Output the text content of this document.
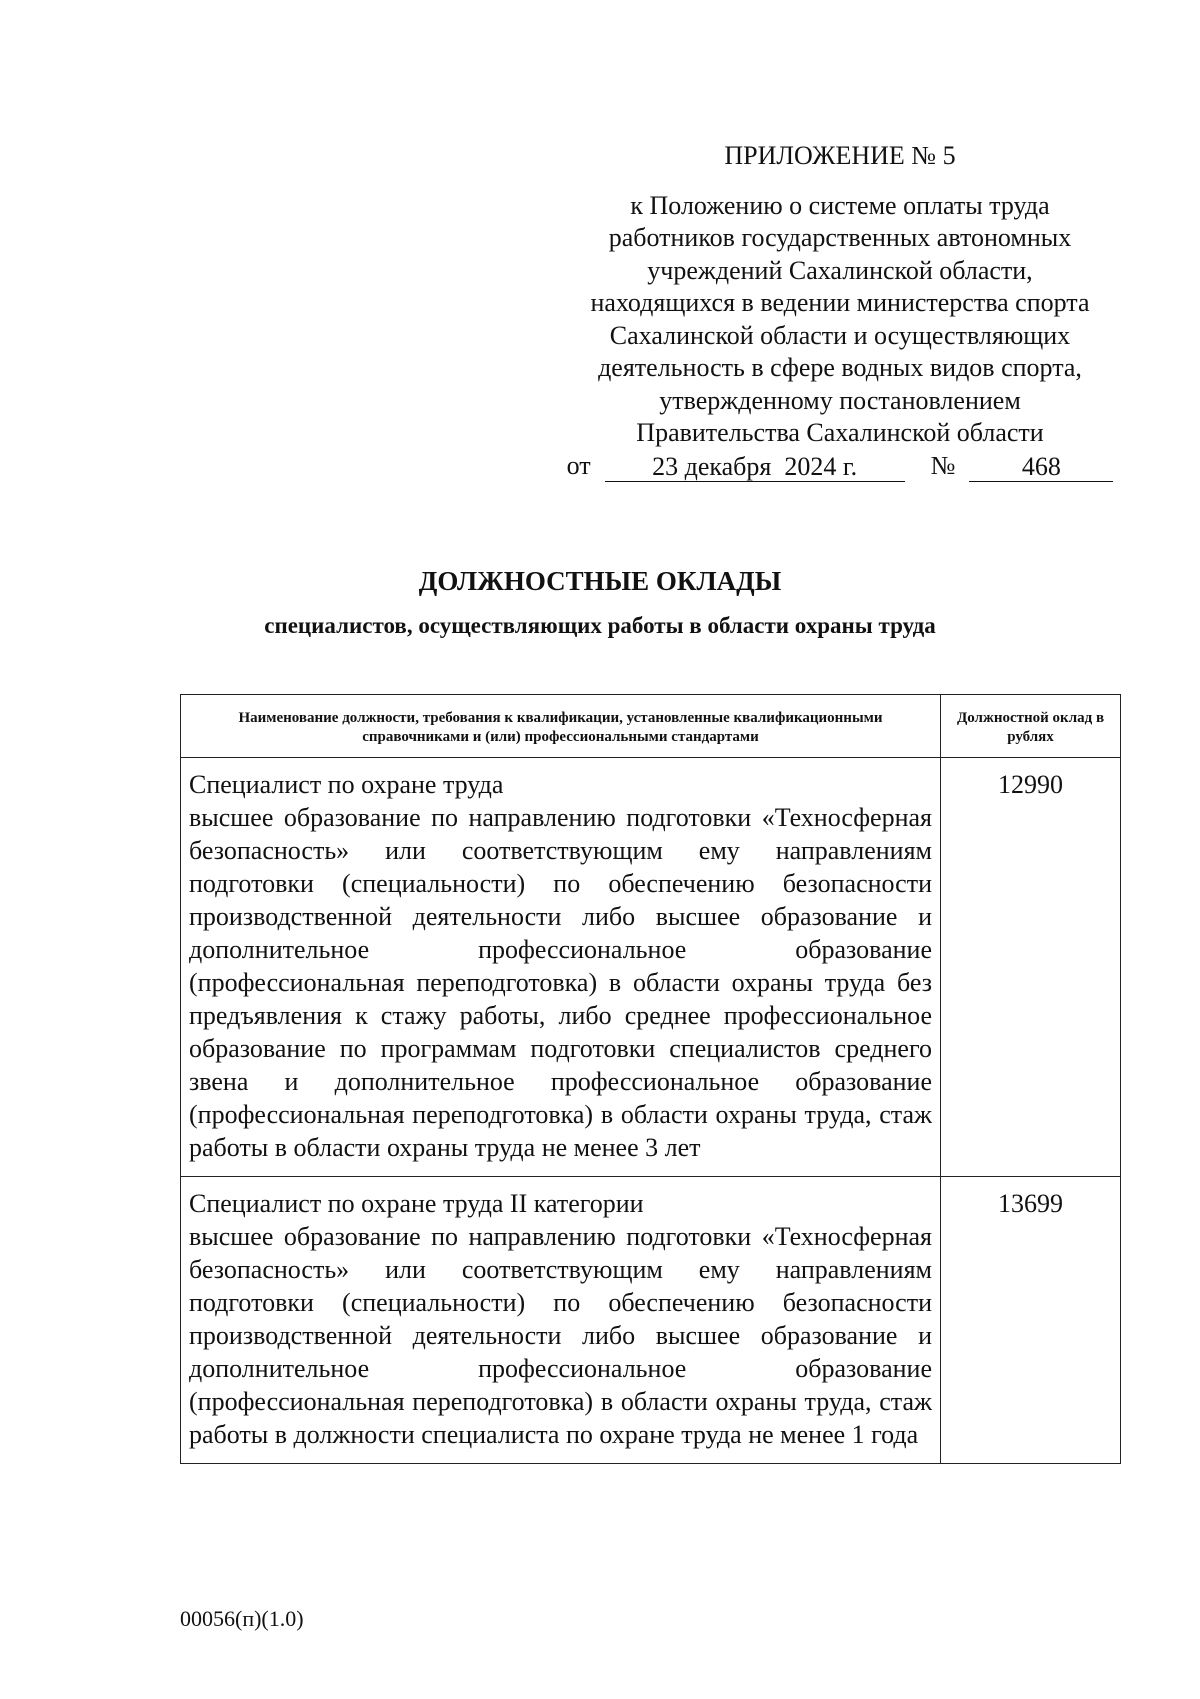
ПРИЛОЖЕНИЕ № 5
к Положению о системе оплаты труда
работников государственных автономных
учреждений Сахалинской области,
находящихся в ведении министерства спорта
Сахалинской области и осуществляющих
деятельность в сфере водных видов спорта,
утвержденному постановлением
Правительства Сахалинской области
от	23 декабря  2024 г.	№	468
ДОЛЖНОСТНЫЕ ОКЛАДЫ
специалистов, осуществляющих работы в области охраны труда
Наименование должности, требования к квалификации, установленные квалификационными справочниками и (или) профессиональными стандартами	Должностной оклад в рублях

Специалист по охране труда
высшее образование по направлению подготовки «Техносферная безопасность» или соответствующим ему направлениям подготовки (специальности) по обеспечению безопасности производственной деятельности либо высшее образование и дополнительное профессиональное образование (профессиональная переподготовка) в области охраны труда без предъявления к стажу работы, либо среднее профессиональное образование по программам подготовки специалистов среднего звена и дополнительное профессиональное образование (профессиональная переподготовка) в области охраны труда, стаж работы в области охраны труда не менее 3 лет	12990

Специалист по охране труда II категории
высшее образование по направлению подготовки «Техносферная безопасность» или соответствующим ему направлениям подготовки (специальности) по обеспечению безопасности производственной деятельности либо высшее образование и дополнительное профессиональное образование (профессиональная переподготовка) в области охраны труда, стаж работы в должности специалиста по охране труда не менее 1 года	13699
00056(п)(1.0)
